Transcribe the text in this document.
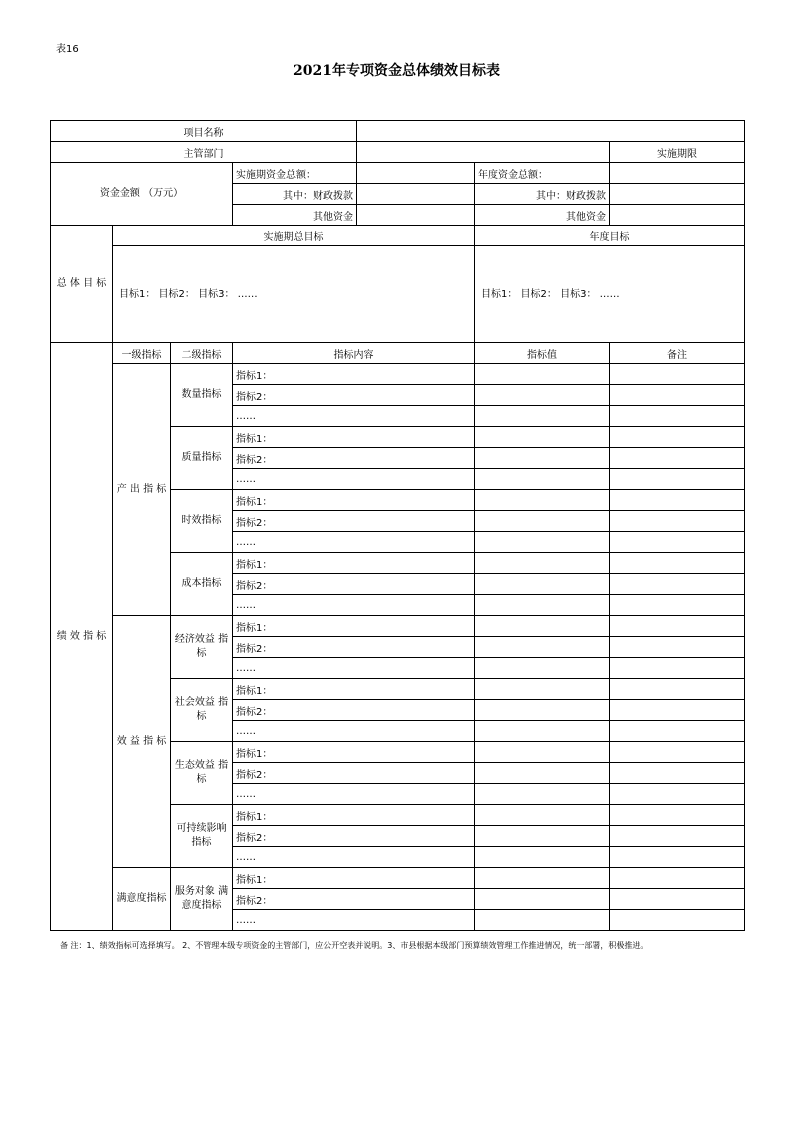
表16
2021年专项资金总体绩效目标表
项目名称							
主管部门						实施期限	
资金金额 （万元）			实施期资金总额：		年度资金总额：		
			其中：财政拨款		其中：财政拨款		
			其他资金		其他资金		
总 体 目 标	实施期总目标				年度目标		
	目标1： 目标2： 目标3： ……				目标1： 目标2： 目标3： ……		
绩 效 指 标	一级指标	二级指标	指标内容		指标值	备注	
	产 出 指 标	数量指标	指标1：				
			指标2：				
			……				
		质量指标	指标1：				
			指标2：				
			……				
		时效指标	指标1：				
			指标2：				
			……				
		成本指标	指标1：				
			指标2：				
			……				
	效 益 指 标	经济效益 指标	指标1：				
			指标2：				
			……				
		社会效益 指标	指标1：				
			指标2：				
			……				
		生态效益 指标	指标1：				
			指标2：				
			……				
		可持续影响 指标	指标1：				
			指标2：				
			……				
	满意度指标	服务对象 满意度指标	指标1：				
			指标2：				
			……				
备 注：1、绩效指标可选择填写。 2、不管理本级专项资金的主管部门，应公开空表并说明。3、市县根据本级部门预算绩效管理工作推进情况，统一部署，积极推进。
